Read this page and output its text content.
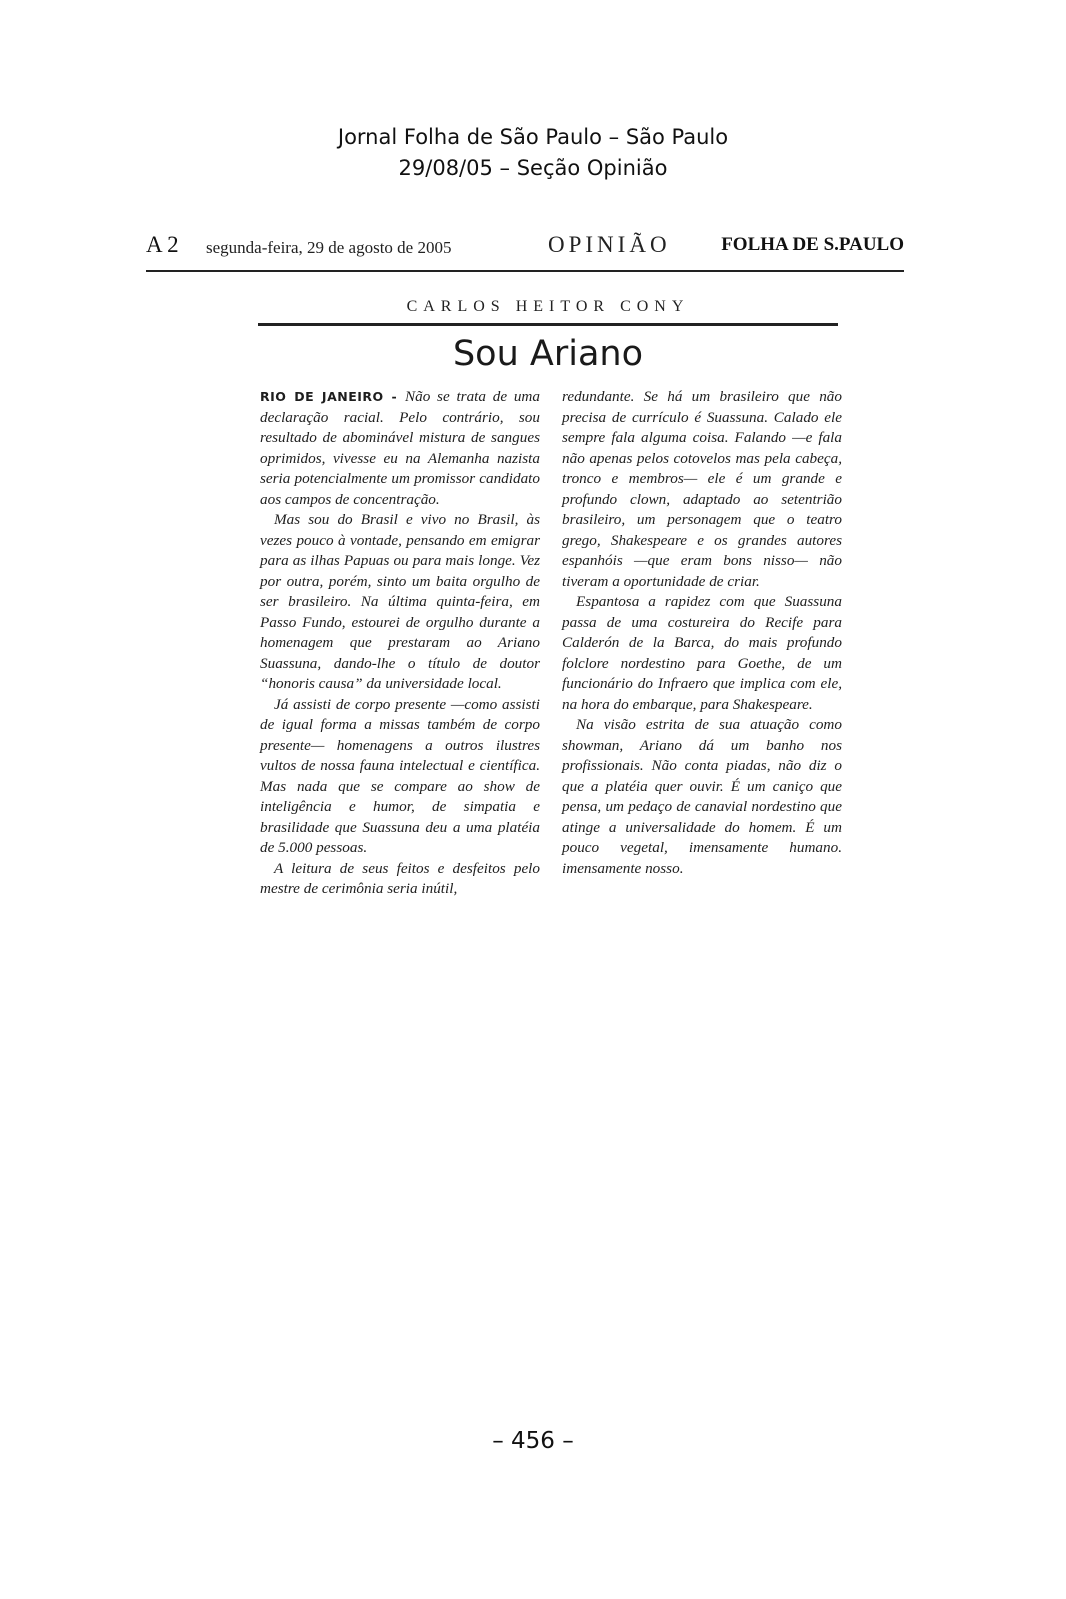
Jornal Folha de São Paulo – São Paulo
29/08/05 – Seção Opinião
A 2 segunda-feira, 29 de agosto de 2005	OPINIÃO	FOLHA DE S.PAULO
CARLOS HEITOR CONY
Sou Ariano

RIO DE JANEIRO - Não se trata de uma declaração racial. Pelo contrário, sou resultado de abominável mistura de sangues oprimidos, vivesse eu na Alemanha nazista seria potencialmente um promissor candidato aos campos de concentração.

Mas sou do Brasil e vivo no Brasil, às vezes pouco à vontade, pensando em emigrar para as ilhas Papuas ou para mais longe. Vez por outra, porém, sinto um baita orgulho de ser brasileiro. Na última quinta-feira, em Passo Fundo, estourei de orgulho durante a homenagem que prestaram ao Ariano Suassuna, dando-lhe o título de doutor “honoris causa” da universidade local.

Já assisti de corpo presente —como assisti de igual forma a missas também de corpo presente— homenagens a outros ilustres vultos de nossa fauna intelectual e científica. Mas nada que se compare ao show de inteligência e humor, de simpatia e brasilidade que Suassuna deu a uma platéia de 5.000 pessoas.

A leitura de seus feitos e desfeitos pelo mestre de cerimônia seria inútil,

redundante. Se há um brasileiro que não precisa de currículo é Suassuna. Calado ele sempre fala alguma coisa. Falando —e fala não apenas pelos cotovelos mas pela cabeça, tronco e membros— ele é um grande e profundo clown, adaptado ao setentrião brasileiro, um personagem que o teatro grego, Shakespeare e os grandes autores espanhóis —que eram bons nisso— não tiveram a oportunidade de criar.

Espantosa a rapidez com que Suassuna passa de uma costureira do Recife para Calderón de la Barca, do mais profundo folclore nordestino para Goethe, de um funcionário do Infraero que implica com ele, na hora do embarque, para Shakespeare.

Na visão estrita de sua atuação como showman, Ariano dá um banho nos profissionais. Não conta piadas, não diz o que a platéia quer ouvir. É um caniço que pensa, um pedaço de canavial nordestino que atinge a universalidade do homem. É um pouco vegetal, imensamente humano. imensamente nosso.

– 456 –
